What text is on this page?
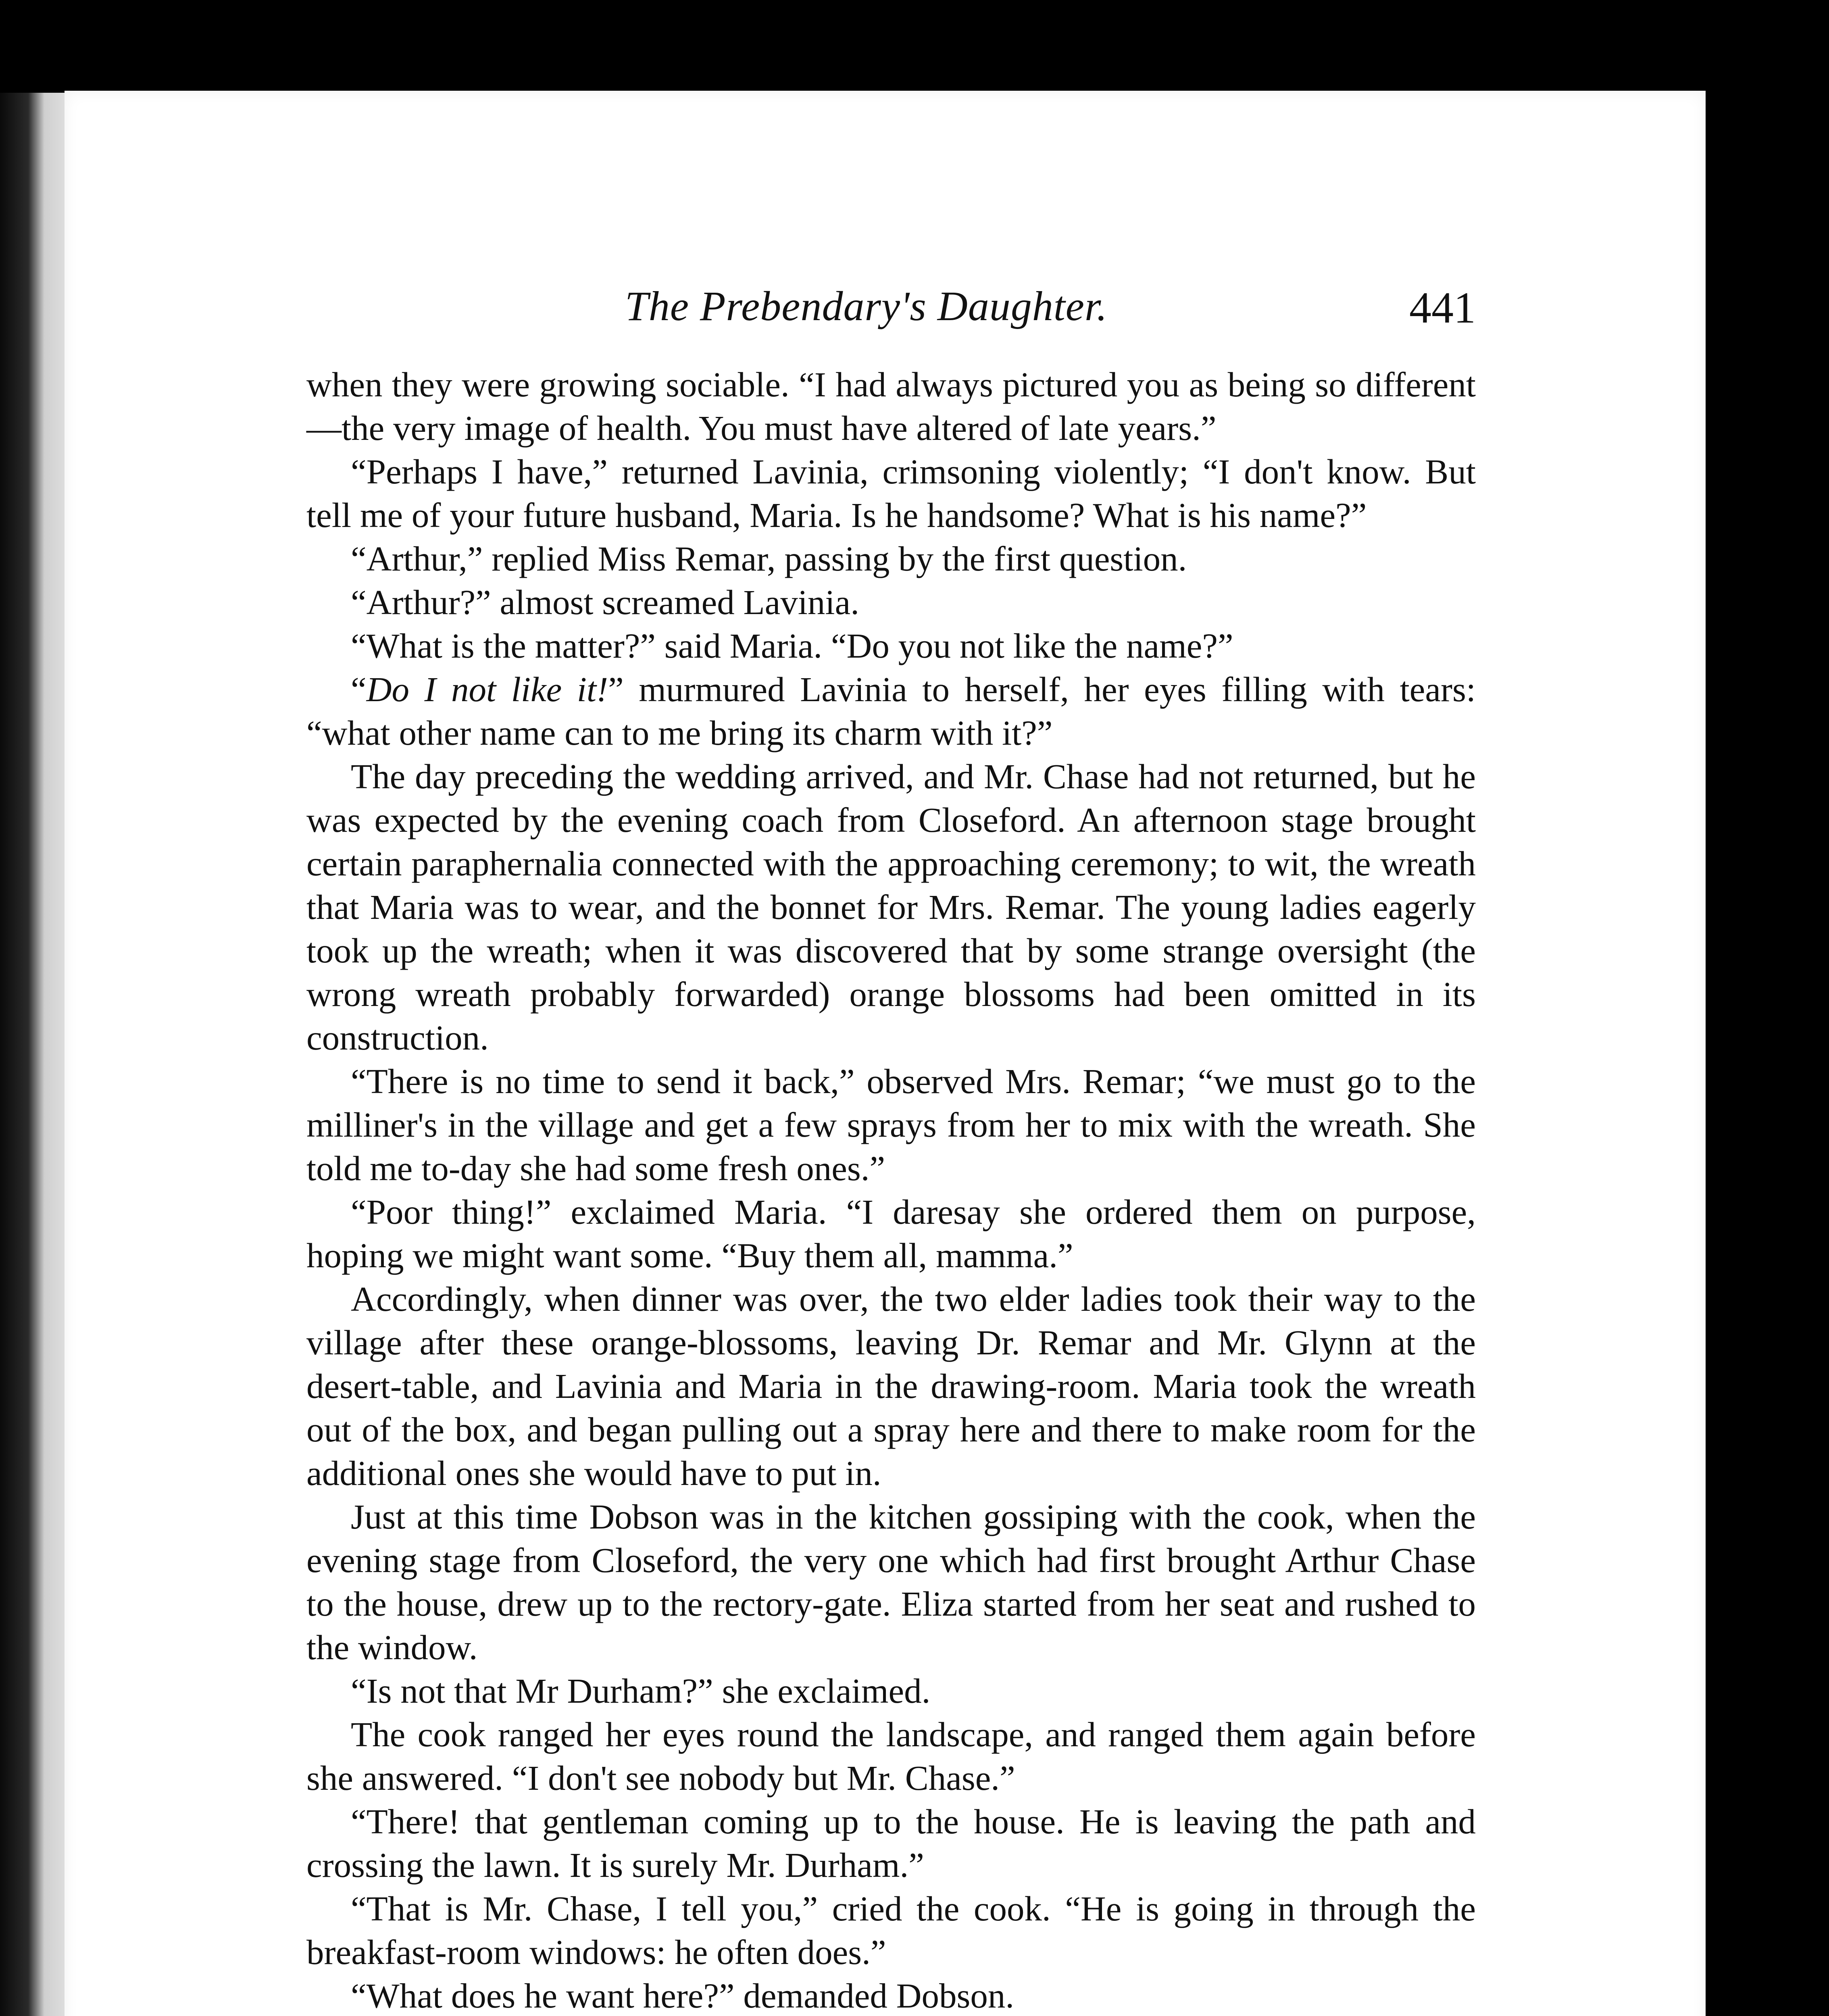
The Prebendary's Daughter.	441

when they were growing sociable. “I had always pictured you as being so different—the very image of health. You must have altered of late years.”

“Perhaps I have,” returned Lavinia, crimsoning violently; “I don't know. But tell me of your future husband, Maria. Is he handsome? What is his name?”

“Arthur,” replied Miss Remar, passing by the first question.

“Arthur?” almost screamed Lavinia.

“What is the matter?” said Maria. “Do you not like the name?”

“Do I not like it!” murmured Lavinia to herself, her eyes filling with tears: “what other name can to me bring its charm with it?”

The day preceding the wedding arrived, and Mr. Chase had not returned, but he was expected by the evening coach from Closeford. An afternoon stage brought certain paraphernalia connected with the approaching ceremony; to wit, the wreath that Maria was to wear, and the bonnet for Mrs. Remar. The young ladies eagerly took up the wreath; when it was discovered that by some strange oversight (the wrong wreath probably forwarded) orange blossoms had been omitted in its construction.

“There is no time to send it back,” observed Mrs. Remar; “we must go to the milliner's in the village and get a few sprays from her to mix with the wreath. She told me to-day she had some fresh ones.”

“Poor thing!” exclaimed Maria. “I daresay she ordered them on purpose, hoping we might want some. “Buy them all, mamma.”

Accordingly, when dinner was over, the two elder ladies took their way to the village after these orange-blossoms, leaving Dr. Remar and Mr. Glynn at the desert-table, and Lavinia and Maria in the drawing-room. Maria took the wreath out of the box, and began pulling out a spray here and there to make room for the additional ones she would have to put in.

Just at this time Dobson was in the kitchen gossiping with the cook, when the evening stage from Closeford, the very one which had first brought Arthur Chase to the house, drew up to the rectory-gate. Eliza started from her seat and rushed to the window.

“Is not that Mr Durham?” she exclaimed.

The cook ranged her eyes round the landscape, and ranged them again before she answered. “I don't see nobody but Mr. Chase.”

“There! that gentleman coming up to the house. He is leaving the path and crossing the lawn. It is surely Mr. Durham.”

“That is Mr. Chase, I tell you,” cried the cook. “He is going in through the breakfast-room windows: he often does.”

“What does he want here?” demanded Dobson.
